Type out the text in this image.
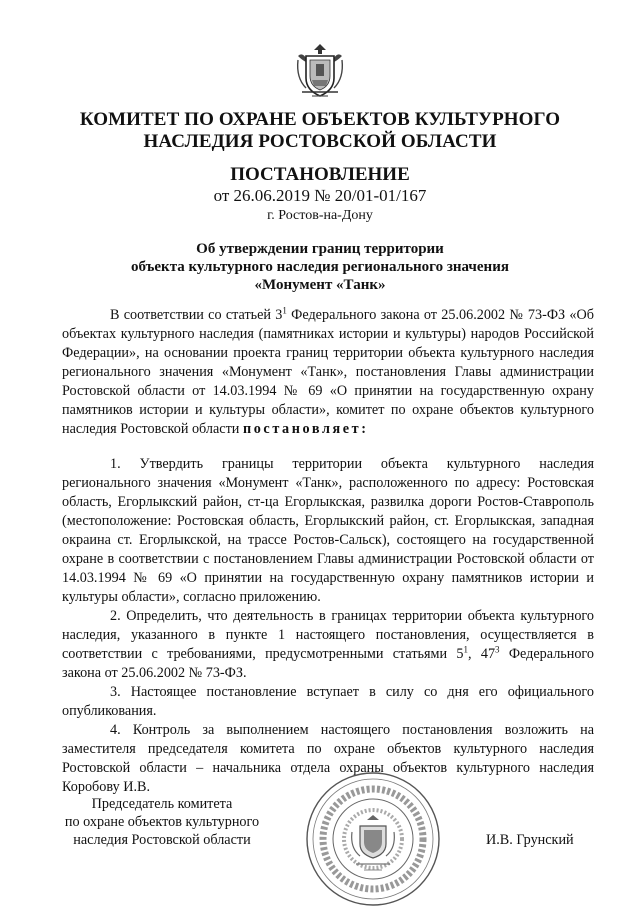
КОМИТЕТ ПО ОХРАНЕ ОБЪЕКТОВ КУЛЬТУРНОГО
НАСЛЕДИЯ РОСТОВСКОЙ ОБЛАСТИ
ПОСТАНОВЛЕНИЕ
от 26.06.2019 № 20/01-01/167
г. Ростов-на-Дону
Об утверждении границ территории
объекта культурного наследия регионального значения
«Монумент «Танк»

В соответствии со статьей $3^1$ Федерального закона от 25.06.2002 № 73-ФЗ «Об объектах культурного наследия (памятниках истории и культуры) народов Российской Федерации», на основании проекта границ территории объекта культурного наследия регионального значения «Монумент «Танк», постановления Главы администрации Ростовской области от 14.03.1994 № 69 «О принятии на государственную охрану памятников истории и культуры области», комитет по охране объектов культурного наследия Ростовской области постановляет:

1. Утвердить границы территории объекта культурного наследия регионального значения «Монумент «Танк», расположенного по адресу: Ростовская область, Егорлыкский район, ст-ца Егорлыкская, развилка дороги Ростов-Ставрополь (местоположение: Ростовская область, Егорлыкский район, ст. Егорлыкская, западная окраина ст. Егорлыкской, на трассе Ростов-Сальск), состоящего на государственной охране в соответствии с постановлением Главы администрации Ростовской области от 14.03.1994 № 69 «О принятии на государственную охрану памятников истории и культуры области», согласно приложению.

2. Определить, что деятельность в границах территории объекта культурного наследия, указанного в пункте 1 настоящего постановления, осуществляется в соответствии с требованиями, предусмотренными статьями $5^1$, $47^3$ Федерального закона от 25.06.2002 № 73-ФЗ.

3. Настоящее постановление вступает в силу со дня его официального опубликования.

4. Контроль за выполнением настоящего постановления возложить на заместителя председателя комитета по охране объектов культурного наследия Ростовской области – начальника отдела охраны объектов культурного наследия Коробову И.В.

Председатель комитета
по охране объектов культурного
наследия Ростовской области	И.В. Грунский
